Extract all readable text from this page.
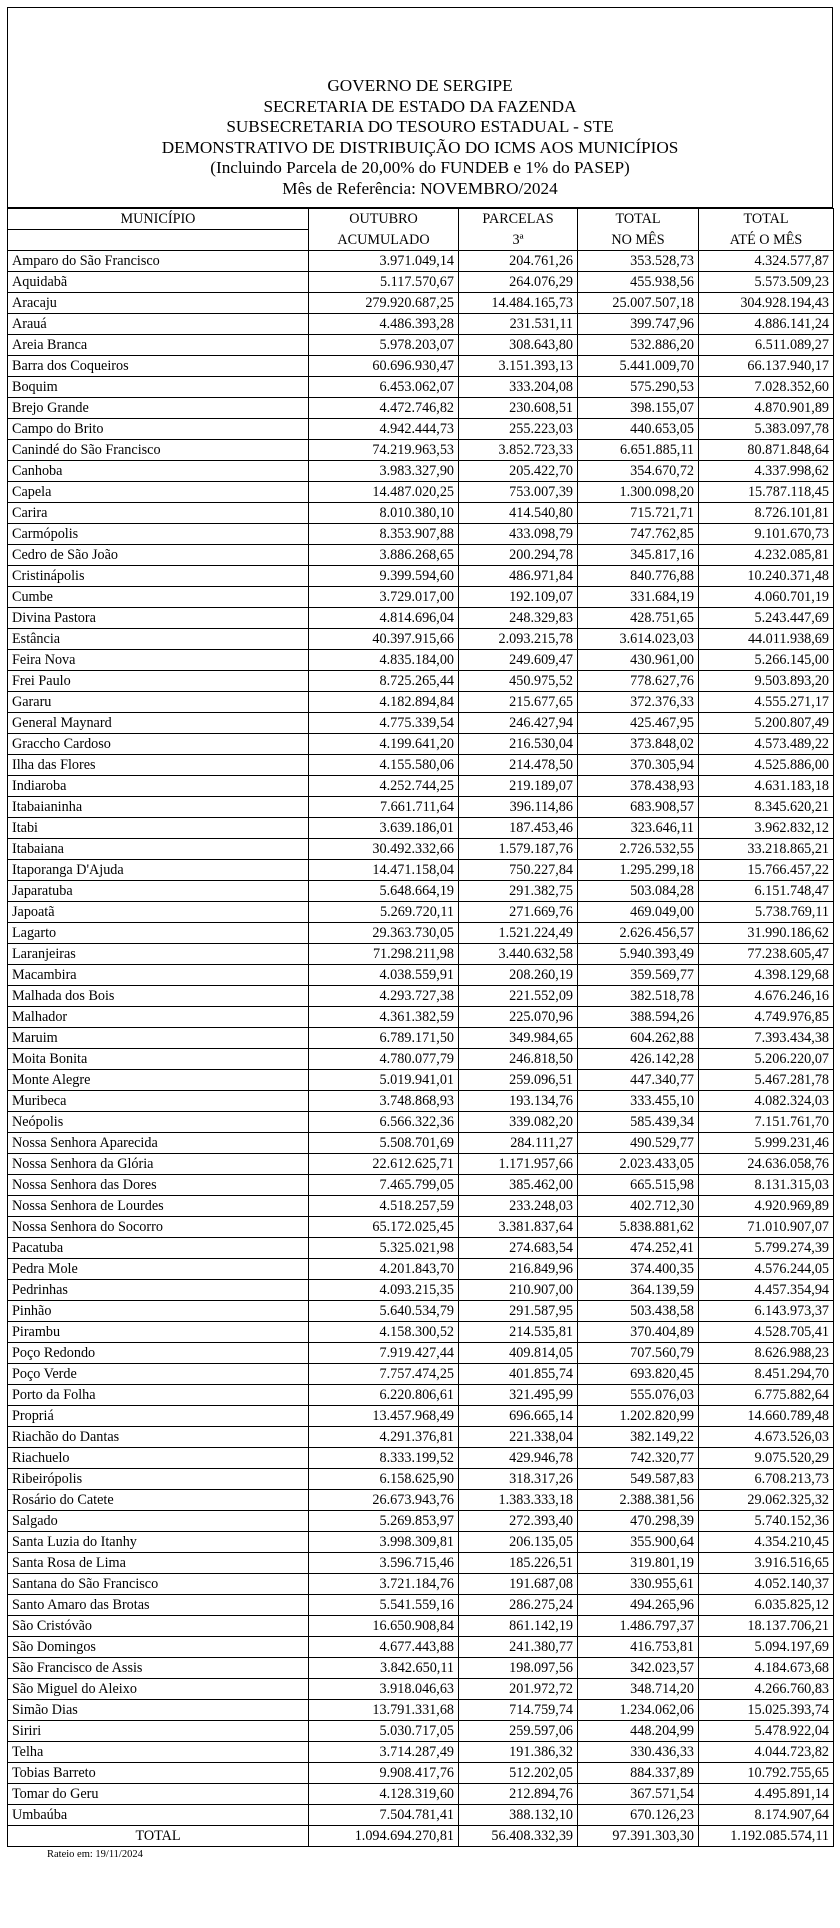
GOVERNO DE SERGIPE
SECRETARIA DE ESTADO DA FAZENDA
SUBSECRETARIA DO TESOURO ESTADUAL - STE
DEMONSTRATIVO DE DISTRIBUIÇÃO DO ICMS AOS MUNICÍPIOS
(Incluindo Parcela de 20,00% do FUNDEB e 1% do PASEP)
Mês de Referência: NOVEMBRO/2024
MUNICÍPIO	OUTUBRO	PARCELAS	TOTAL	TOTAL
	ACUMULADO	3ª	NO MÊS	ATÉ O MÊS
Amparo do São Francisco	3.971.049,14	204.761,26	353.528,73	4.324.577,87
Aquidabã	5.117.570,67	264.076,29	455.938,56	5.573.509,23
Aracaju	279.920.687,25	14.484.165,73	25.007.507,18	304.928.194,43
Arauá	4.486.393,28	231.531,11	399.747,96	4.886.141,24
Areia Branca	5.978.203,07	308.643,80	532.886,20	6.511.089,27
Barra dos Coqueiros	60.696.930,47	3.151.393,13	5.441.009,70	66.137.940,17
Boquim	6.453.062,07	333.204,08	575.290,53	7.028.352,60
Brejo Grande	4.472.746,82	230.608,51	398.155,07	4.870.901,89
Campo do Brito	4.942.444,73	255.223,03	440.653,05	5.383.097,78
Canindé do São Francisco	74.219.963,53	3.852.723,33	6.651.885,11	80.871.848,64
Canhoba	3.983.327,90	205.422,70	354.670,72	4.337.998,62
Capela	14.487.020,25	753.007,39	1.300.098,20	15.787.118,45
Carira	8.010.380,10	414.540,80	715.721,71	8.726.101,81
Carmópolis	8.353.907,88	433.098,79	747.762,85	9.101.670,73
Cedro de São João	3.886.268,65	200.294,78	345.817,16	4.232.085,81
Cristinápolis	9.399.594,60	486.971,84	840.776,88	10.240.371,48
Cumbe	3.729.017,00	192.109,07	331.684,19	4.060.701,19
Divina Pastora	4.814.696,04	248.329,83	428.751,65	5.243.447,69
Estância	40.397.915,66	2.093.215,78	3.614.023,03	44.011.938,69
Feira Nova	4.835.184,00	249.609,47	430.961,00	5.266.145,00
Frei Paulo	8.725.265,44	450.975,52	778.627,76	9.503.893,20
Gararu	4.182.894,84	215.677,65	372.376,33	4.555.271,17
General Maynard	4.775.339,54	246.427,94	425.467,95	5.200.807,49
Graccho Cardoso	4.199.641,20	216.530,04	373.848,02	4.573.489,22
Ilha das Flores	4.155.580,06	214.478,50	370.305,94	4.525.886,00
Indiaroba	4.252.744,25	219.189,07	378.438,93	4.631.183,18
Itabaianinha	7.661.711,64	396.114,86	683.908,57	8.345.620,21
Itabi	3.639.186,01	187.453,46	323.646,11	3.962.832,12
Itabaiana	30.492.332,66	1.579.187,76	2.726.532,55	33.218.865,21
Itaporanga D'Ajuda	14.471.158,04	750.227,84	1.295.299,18	15.766.457,22
Japaratuba	5.648.664,19	291.382,75	503.084,28	6.151.748,47
Japoatã	5.269.720,11	271.669,76	469.049,00	5.738.769,11
Lagarto	29.363.730,05	1.521.224,49	2.626.456,57	31.990.186,62
Laranjeiras	71.298.211,98	3.440.632,58	5.940.393,49	77.238.605,47
Macambira	4.038.559,91	208.260,19	359.569,77	4.398.129,68
Malhada dos Bois	4.293.727,38	221.552,09	382.518,78	4.676.246,16
Malhador	4.361.382,59	225.070,96	388.594,26	4.749.976,85
Maruim	6.789.171,50	349.984,65	604.262,88	7.393.434,38
Moita Bonita	4.780.077,79	246.818,50	426.142,28	5.206.220,07
Monte Alegre	5.019.941,01	259.096,51	447.340,77	5.467.281,78
Muribeca	3.748.868,93	193.134,76	333.455,10	4.082.324,03
Neópolis	6.566.322,36	339.082,20	585.439,34	7.151.761,70
Nossa Senhora Aparecida	5.508.701,69	284.111,27	490.529,77	5.999.231,46
Nossa Senhora da Glória	22.612.625,71	1.171.957,66	2.023.433,05	24.636.058,76
Nossa Senhora das Dores	7.465.799,05	385.462,00	665.515,98	8.131.315,03
Nossa Senhora de Lourdes	4.518.257,59	233.248,03	402.712,30	4.920.969,89
Nossa Senhora do Socorro	65.172.025,45	3.381.837,64	5.838.881,62	71.010.907,07
Pacatuba	5.325.021,98	274.683,54	474.252,41	5.799.274,39
Pedra Mole	4.201.843,70	216.849,96	374.400,35	4.576.244,05
Pedrinhas	4.093.215,35	210.907,00	364.139,59	4.457.354,94
Pinhão	5.640.534,79	291.587,95	503.438,58	6.143.973,37
Pirambu	4.158.300,52	214.535,81	370.404,89	4.528.705,41
Poço Redondo	7.919.427,44	409.814,05	707.560,79	8.626.988,23
Poço Verde	7.757.474,25	401.855,74	693.820,45	8.451.294,70
Porto da Folha	6.220.806,61	321.495,99	555.076,03	6.775.882,64
Propriá	13.457.968,49	696.665,14	1.202.820,99	14.660.789,48
Riachão do Dantas	4.291.376,81	221.338,04	382.149,22	4.673.526,03
Riachuelo	8.333.199,52	429.946,78	742.320,77	9.075.520,29
Ribeirópolis	6.158.625,90	318.317,26	549.587,83	6.708.213,73
Rosário do Catete	26.673.943,76	1.383.333,18	2.388.381,56	29.062.325,32
Salgado	5.269.853,97	272.393,40	470.298,39	5.740.152,36
Santa Luzia do Itanhy	3.998.309,81	206.135,05	355.900,64	4.354.210,45
Santa Rosa de Lima	3.596.715,46	185.226,51	319.801,19	3.916.516,65
Santana do São Francisco	3.721.184,76	191.687,08	330.955,61	4.052.140,37
Santo Amaro das Brotas	5.541.559,16	286.275,24	494.265,96	6.035.825,12
São Cristóvão	16.650.908,84	861.142,19	1.486.797,37	18.137.706,21
São Domingos	4.677.443,88	241.380,77	416.753,81	5.094.197,69
São Francisco de Assis	3.842.650,11	198.097,56	342.023,57	4.184.673,68
São Miguel do Aleixo	3.918.046,63	201.972,72	348.714,20	4.266.760,83
Simão Dias	13.791.331,68	714.759,74	1.234.062,06	15.025.393,74
Siriri	5.030.717,05	259.597,06	448.204,99	5.478.922,04
Telha	3.714.287,49	191.386,32	330.436,33	4.044.723,82
Tobias Barreto	9.908.417,76	512.202,05	884.337,89	10.792.755,65
Tomar do Geru	4.128.319,60	212.894,76	367.571,54	4.495.891,14
Umbaúba	7.504.781,41	388.132,10	670.126,23	8.174.907,64
TOTAL	1.094.694.270,81	56.408.332,39	97.391.303,30	1.192.085.574,11
Rateio em: 19/11/2024
